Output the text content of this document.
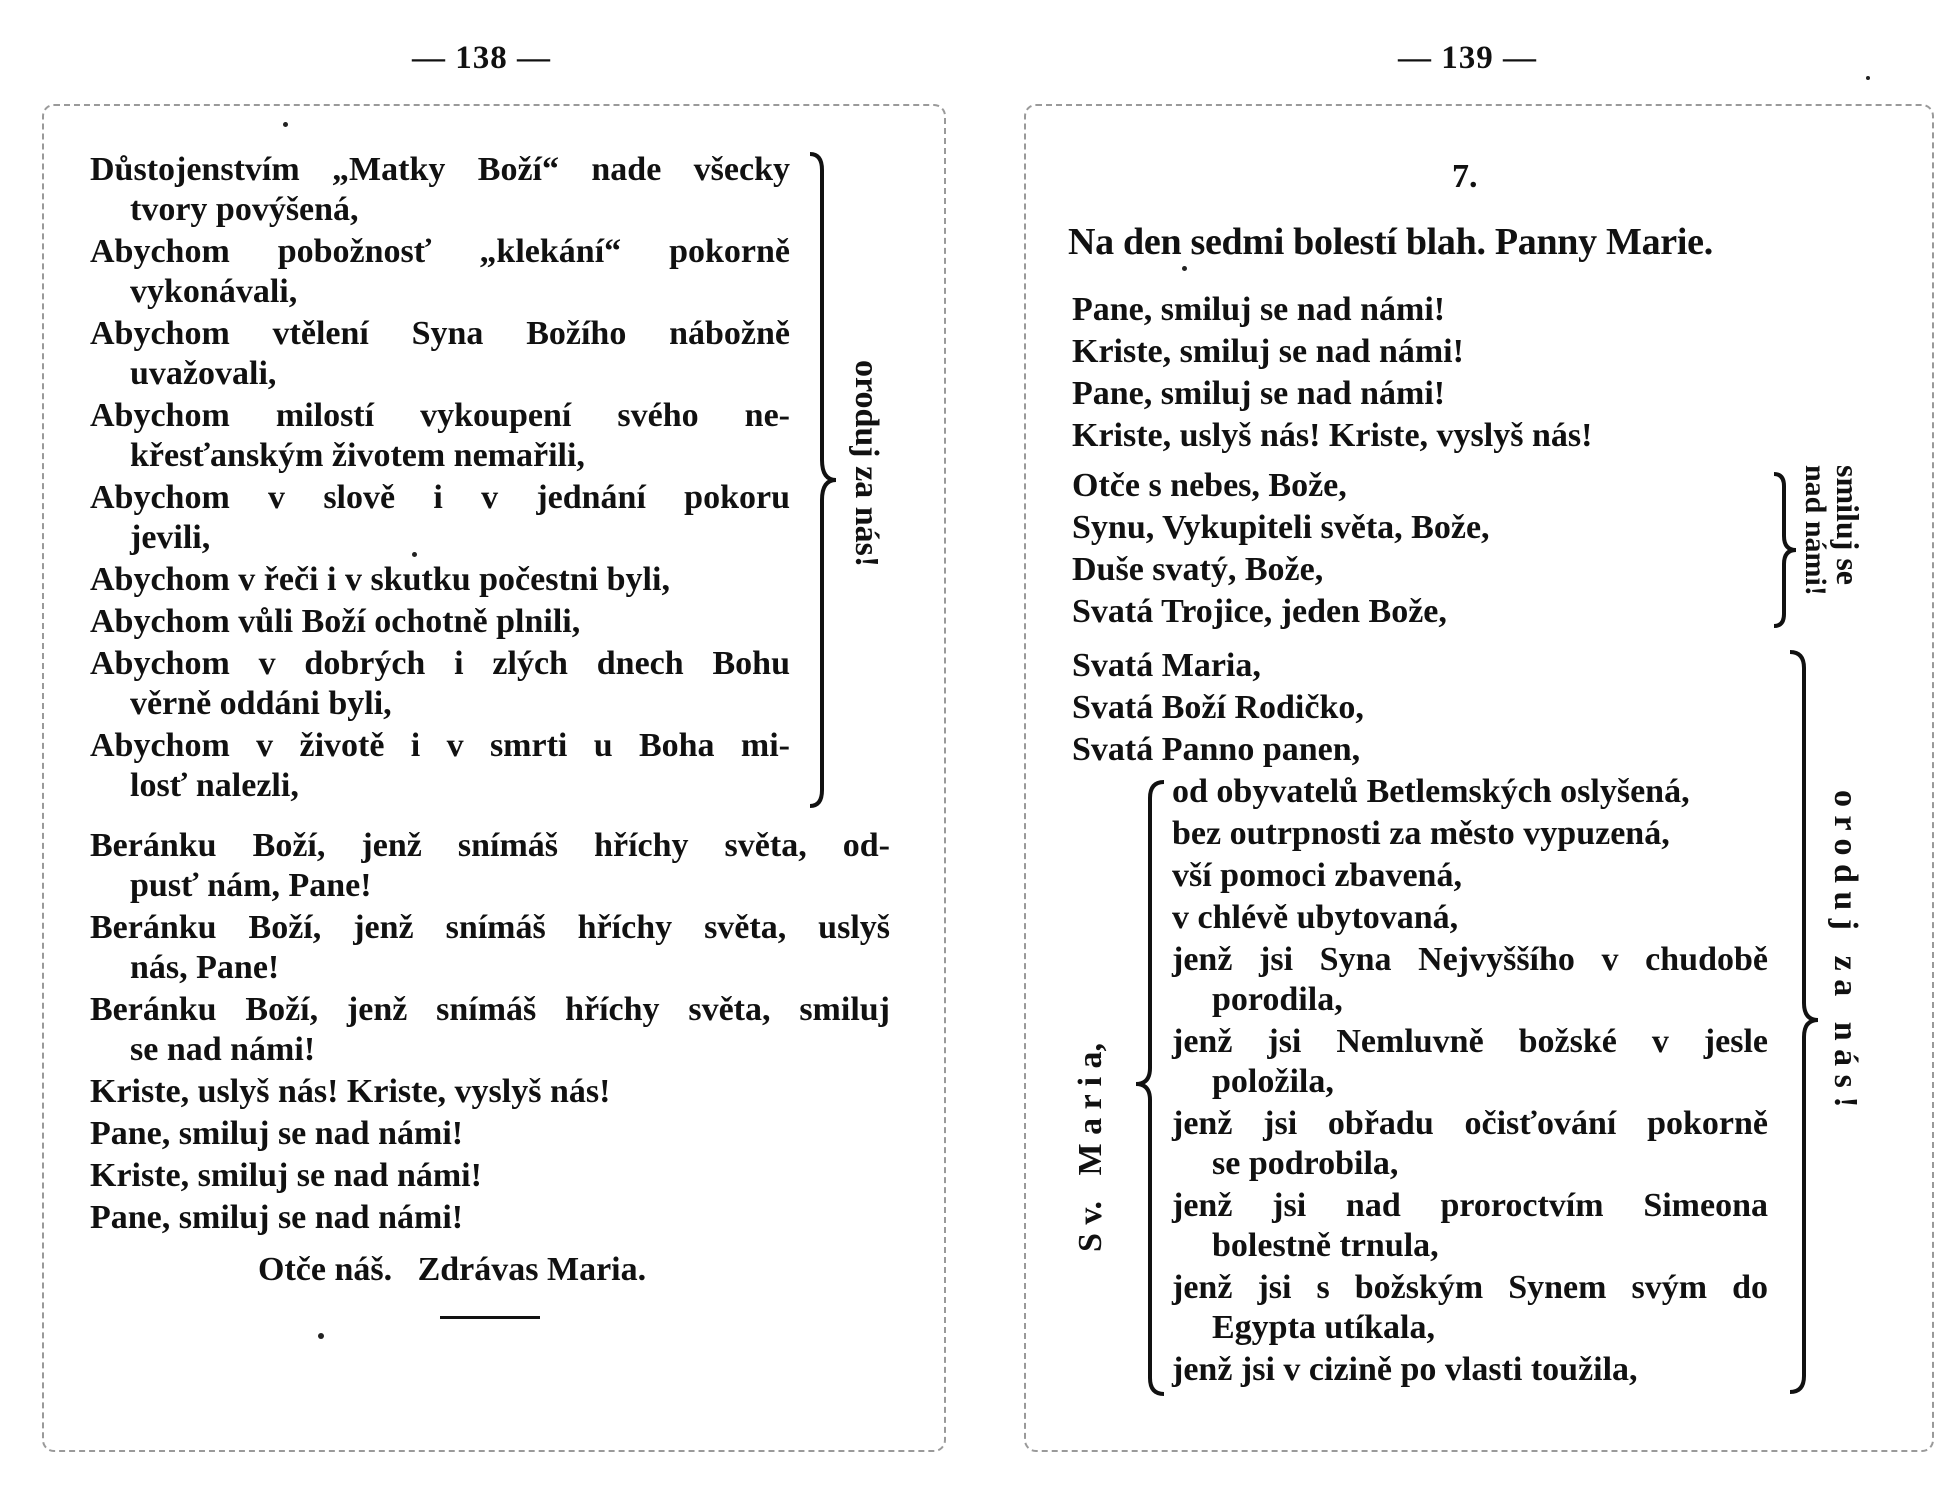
— 138 —
Důstojenstvím „Matky Boží“ nade všecky
tvory povýšená,
Abychom pobožnosť „klekání“ pokorně
vykonávali,
Abychom vtělení Syna Božího nábožně
uvažovali,
Abychom milostí vykoupení svého ne-
křesťanským životem nemařili,
Abychom v slově i v jednání pokoru
jevili,
Abychom v řeči i v skutku počestni byli,
Abychom vůli Boží ochotně plnili,
Abychom v dobrých i zlých dnech Bohu
věrně oddáni byli,
Abychom v životě i v smrti u Boha mi-
losť nalezli,
oroduj za nás!
Beránku Boží, jenž snímáš hříchy světa, od-
pusť nám, Pane!
Beránku Boží, jenž snímáš hříchy světa, uslyš
nás, Pane!
Beránku Boží, jenž snímáš hříchy světa, smiluj
se nad námi!
Kriste, uslyš nás! Kriste, vyslyš nás!
Pane, smiluj se nad námi!
Kriste, smiluj se nad námi!
Pane, smiluj se nad námi!
Otče náš.   Zdrávas Maria.
— 139 —
7.
Na den sedmi bolestí blah. Panny Marie.
Pane, smiluj se nad námi!
Kriste, smiluj se nad námi!
Pane, smiluj se nad námi!
Kriste, uslyš nás! Kriste, vyslyš nás!
Otče s nebes, Bože,
Synu, Vykupiteli světa, Bože,
Duše svatý, Bože,
Svatá Trojice, jeden Bože,
smiluj se
nad námi!
Svatá Maria,
Svatá Boží Rodičko,
Svatá Panno panen,
S v.   M a r i a,
od obyvatelů Betlemských oslyšená,
bez outrpnosti za město vypuzená,
vší pomoci zbavená,
v chlévě ubytovaná,
jenž jsi Syna Nejvyššího v chudobě
porodila,
jenž jsi Nemluvně božské v jesle
položila,
jenž jsi obřadu očisťování pokorně
se podrobila,
jenž jsi nad proroctvím Simeona
bolestně trnula,
jenž jsi s božským Synem svým do
Egypta utíkala,
jenž jsi v cizině po vlasti toužila,
o r o d u j   z a   n á s !
